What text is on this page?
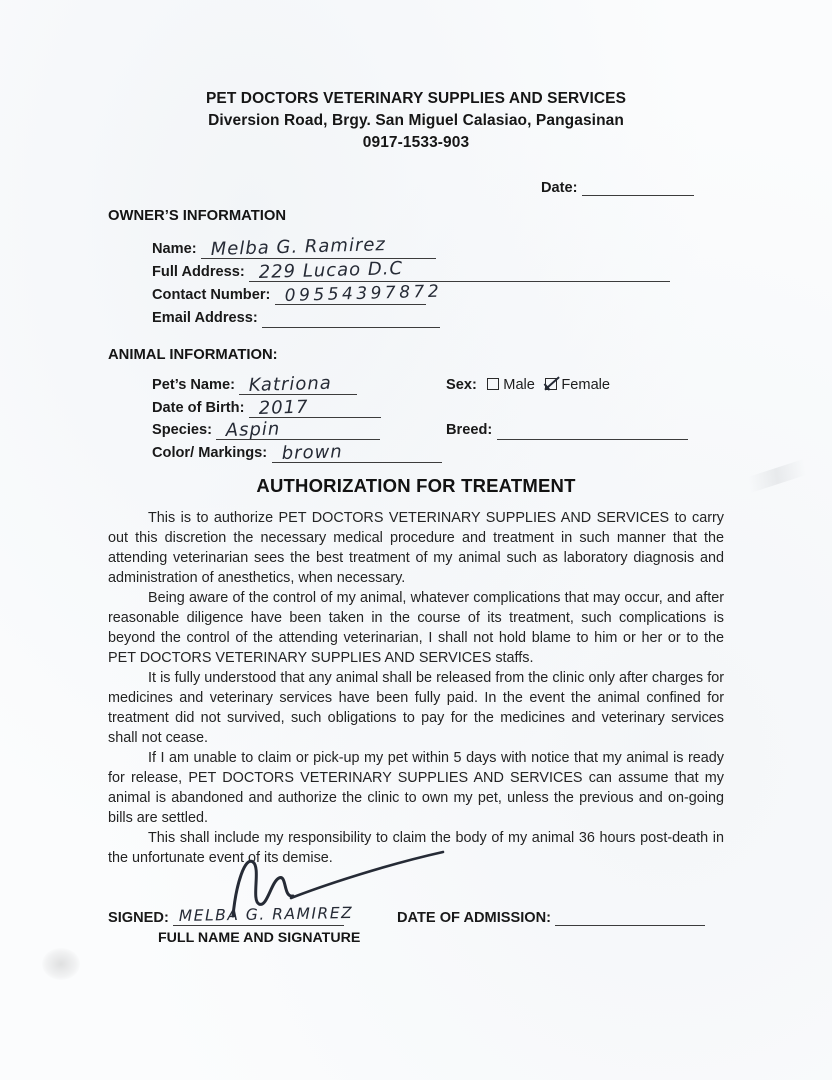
PET DOCTORS VETERINARY SUPPLIES AND SERVICES
Diversion Road, Brgy. San Miguel Calasiao, Pangasinan
0917-1533-903
Date:
OWNER’S INFORMATION
Name: Melba G. Ramirez
Full Address: 229 Lucao D.C
Contact Number: 09554397872
Email Address:
ANIMAL INFORMATION:
Pet’s Name: Katriona	Sex: Male Female
Date of Birth: 2017
Species: Aspin	Breed:
Color/ Markings: brown
AUTHORIZATION FOR TREATMENT

This is to authorize PET DOCTORS VETERINARY SUPPLIES AND SERVICES to carry out this discretion the necessary medical procedure and treatment in such manner that the attending veterinarian sees the best treatment of my animal such as laboratory diagnosis and administration of anesthetics, when necessary.

Being aware of the control of my animal, whatever complications that may occur, and after reasonable diligence have been taken in the course of its treatment, such complications is beyond the control of the attending veterinarian, I shall not hold blame to him or her or to the PET DOCTORS VETERINARY SUPPLIES AND SERVICES staffs.

It is fully understood that any animal shall be released from the clinic only after charges for medicines and veterinary services have been fully paid. In the event the animal confined for treatment did not survived, such obligations to pay for the medicines and veterinary services shall not cease.

If I am unable to claim or pick-up my pet within 5 days with notice that my animal is ready for release, PET DOCTORS VETERINARY SUPPLIES AND SERVICES can assume that my animal is abandoned and authorize the clinic to own my pet, unless the previous and on-going bills are settled.

This shall include my responsibility to claim the body of my animal 36 hours post-death in the unfortunate event of its demise.

SIGNED: MELBA G. RAMIREZ
FULL NAME AND SIGNATURE
DATE OF ADMISSION:
